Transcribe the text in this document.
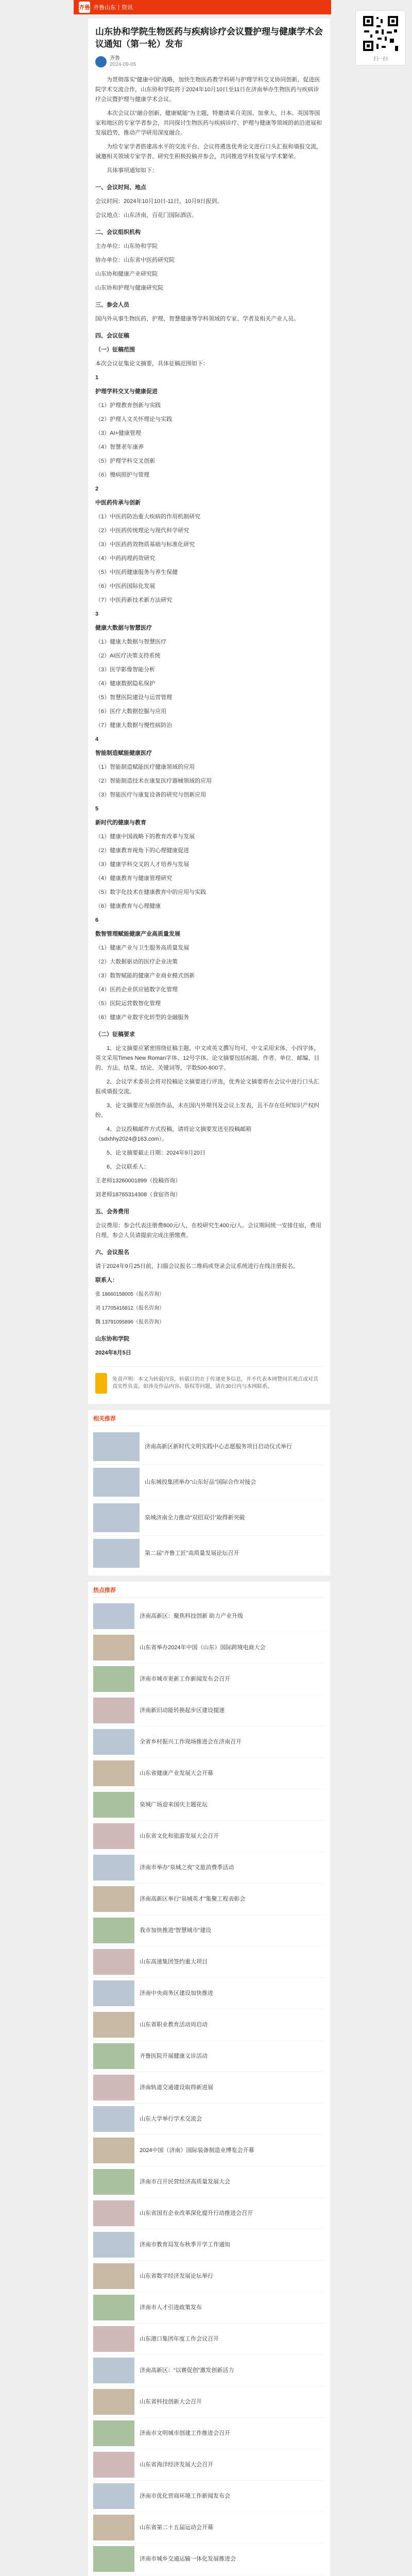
齐鲁 齐鲁山东 | 资讯
扫一扫
山东协和学院生物医药与疾病诊疗会议暨护理与健康学术会议通知（第一轮）发布
齐鲁
2024-09-05

为贯彻落实“健康中国”战略，加快生物医药教学科研与护理学科交叉协同创新，促进医院学术交流合作，山东协和学院将于2024年10月10日至11日在济南举办生物医药与疾病诊疗会议暨护理与健康学术会议。

本次会议以“融合创新，健康赋能”为主题，特邀请来自美国、加拿大、日本、英国等国家和地区的专家学者参会，共同探讨生物医药与疾病诊疗、护理与健康等领域的前沿进展和发展趋势，推动产学研用深度融合。

为给专家学者搭建高水平的交流平台，会议将遴选优秀论文进行口头汇报和墙报交流，诚邀相关领域专家学者、研究生积极投稿并参会，共同推进学科发展与学术繁荣。

具体事项通知如下：

一、会议时间、地点

会议时间：2024年10月10日-11日，10月9日报到。

会议地点：山东济南，百花门国际酒店。

二、会议组织机构

主办单位：山东协和学院

协办单位：山东省中医药研究院

山东协和健康产业研究院

山东协和护理与健康研究院

三、参会人员

国内外从事生物医药、护理、智慧健康等学科领域的专家、学者及相关产业人员。

四、会议征稿

（一）征稿范围

本次会议征集论文摘要，具体征稿范围如下：

1

护理学科交叉与健康促进

（1）护理教育创新与实践

（2）护理人文关怀理论与实践

（3）AI+健康管理

（4）智慧老年康养

（5）护理学科交叉创新

（6）慢病照护与管理

2

中医药传承与创新

（1）中医药防治重大疾病的作用机制研究

（2）中医药传统理论与现代科学研究

（3）中医药药效物质基础与标准化研究

（4）中药药理药效研究

（5）中医药健康服务与养生保健

（6）中医药国际化发展

（7）中医药新技术新方法研究

3

健康大数据与智慧医疗

（1）健康大数据与智慧医疗

（2）AI医疗决策支持系统

（3）医学影像智能分析

（4）健康数据隐私保护

（5）智慧医院建设与运营管理

（6）医疗大数据挖掘与应用

（7）健康大数据与慢性病防治

4

智能制造赋能健康医疗

（1）智能制造赋能医疗健康领域的应用

（2）智能制造技术在康复医疗器械领域的应用

（3）智能医疗与康复设备的研究与创新应用

5

新时代的健康与教育

（1）健康中国战略下的教育改革与发展

（2）健康教育视角下的心理健康促进

（3）健康学科交叉的人才培养与发展

（4）健康教育与健康管理研究

（5）数字化技术在健康教育中的应用与实践

（6）健康教育与心理健康

6

数智管理赋能健康产业高质量发展

（1）健康产业与卫生服务高质量发展

（2）大数据驱动的医疗企业决策

（3）数智赋能的健康产业商业模式创新

（4）医药企业供应链数字化管理

（5）医院运营数智化管理

（6）健康产业数字化转型的金融服务

（二）征稿要求

1、论文摘要应紧密围绕征稿主题，中文或英文撰写均可，中文采用宋体、小四字体，英文采用Times New Roman字体、12号字体。论文摘要包括标题、作者、单位、邮编、目的、方法、结果、结论、关键词等，字数500-800字。

2、会议学术委员会将对投稿论文摘要进行评选，优秀论文摘要将在会议中进行口头汇报或墙报交流。

3、论文摘要应为原创作品，未在国内外期刊及会议上发表，且不存在任何知识产权纠纷。

4、会议投稿邮件方式投稿，请将论文摘要发送至投稿邮箱（sdxhhy2024@163.com）。

5、论文摘要截止日期：2024年9月20日

6、会议联系人：

王老师13260001899（投稿咨询）

刘老师18765314308（食宿咨询）

五、会务费用

会议费用：参会代表注册费800元/人，在校研究生400元/人。会议期间统一安排住宿，费用自理。参会人员请提前完成注册缴费。

六、会议报名

请于2024年9月25日前，扫描会议报名二维码或登录会议系统进行在线注册报名。

联系人：

张 18660158005（报名咨询）

刘 17705416812（报名咨询）

魏 13791095896（报名咨询）

山东协和学院

2024年8月5日

免责声明：本文为转载内容，转载目的在于传递更多信息，并不代表本网赞同其观点或对其真实性负责。如涉及作品内容、版权等问题，请在30日内与本网联系。
相关推荐
济南高新区新时代文明实践中心志愿服务项目启动仪式举行
山东城投集团举办“山东好品”国际合作对接会
泉城济南全力推动“双招双引”取得新突破
第二届“齐鲁工匠”高质量发展论坛召开
热点推荐
济南高新区：聚焦科技创新 助力产业升级
山东省举办2024年中国（山东）国际跨境电商大会
济南市城市更新工作新闻发布会召开
济南新旧动能转换起步区建设提速
全省乡村振兴工作现场推进会在济南召开
山东省健康产业发展大会开幕
泉城广场迎来国庆主题花坛
山东省文化和旅游发展大会召开
济南市举办“泉城之夜”文旅消费季活动
济南高新区举行“泉城英才”集聚工程表彰会
我市加快推进“智慧城市”建设
山东高速集团签约重大项目
济南中央商务区建设加快推进
山东省职业教育活动周启动
齐鲁医院开展健康义诊活动
济南轨道交通建设取得新进展
山东大学举行学术交流会
2024中国（济南）国际装备制造业博览会开幕
济南市召开民营经济高质量发展大会
山东省国有企业改革深化提升行动推进会召开
济南市教育局发布秋季开学工作通知
山东省数字经济发展论坛举行
济南市人才引进政策发布
山东港口集团年度工作会议召开
济南高新区：“以赛促创”激发创新活力
山东省科技创新大会召开
济南市文明城市创建工作推进会召开
山东省海洋经济发展大会召开
济南市优化营商环境工作新闻发布会
山东省第二十五届运动会开幕
济南市城乡交通运输一体化发展推进会
